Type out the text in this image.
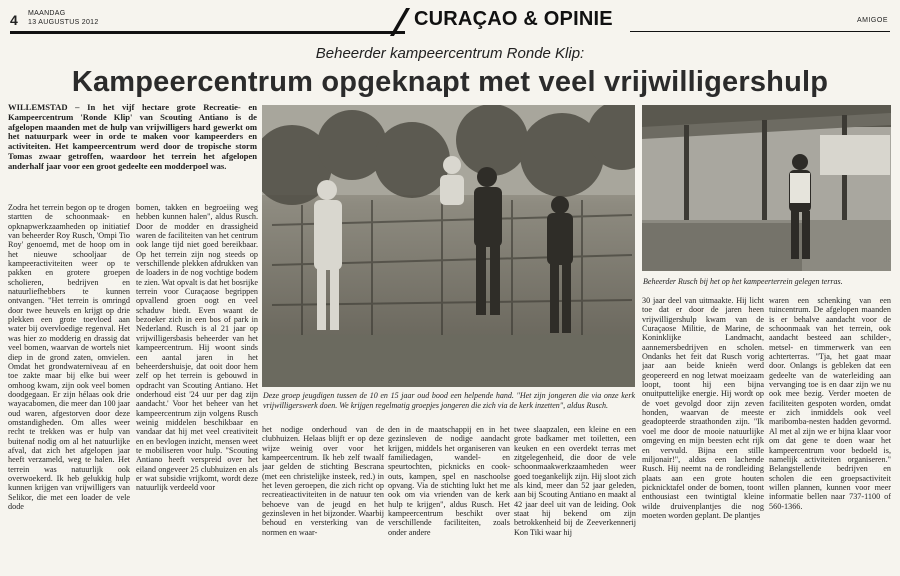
4 MAANDAG
13 AUGUSTUS 2012	CURAÇAO & OPINIE	AMIGOE
Beheerder kampeercentrum Ronde Klip:
Kampeercentrum opgeknapt met veel vrijwilligershulp
WILLEMSTAD – In het vijf hectare grote Recreatie- en Kampeercentrum 'Ronde Klip' van Scouting Antiano is de afgelopen maanden met de hulp van vrijwilligers hard gewerkt om het natuurpark weer in orde te maken voor kampeerders en activiteiten. Het kampeercentrum werd door de tropische storm Tomas zwaar getroffen, waardoor het terrein het afgelopen anderhalf jaar voor een groot gedeelte een modderpoel was.
Zodra het terrein begon op te drogen startten de schoonmaak- en opknapwerkzaamheden op initiatief van beheerder Roy Rusch, 'Ompi Tio Roy' genoemd, met de hoop om in het nieuwe schooljaar de kampeeractiviteiten weer op te pakken en grotere groepen scholieren, bedrijven en natuurliefhebbers te kunnen ontvangen. "Het terrein is omringd door twee heuvels en krijgt op drie plekken een grote toevloed aan water bij overvloedige regenval. Het was hier zo modderig en drassig dat veel bomen, waarvan de wortels niet diep in de grond zaten, omvielen. Omdat het grondwaterniveau af en toe zakte maar bij elke bui weer omhoog kwam, zijn ook veel bomen doodgegaan. Er zijn hélaas ook drie wayacabomen, die meer dan 100 jaar oud waren, afgestorven door deze omstandigheden. Om alles weer recht te trekken was er hulp van buitenaf nodig om al het natuurlijke afval, dat zich het afgelopen jaar heeft verzameld, weg te halen. Het terrein was natuurlijk ook overwoekerd. Ik heb gelukkig hulp kunnen krijgen van vrijwilligers van Selikor, die met een loader de vele dode
bomen, takken en begroeiing weg hebben kunnen halen", aldus Rusch. Door de modder en drassigheid waren de faciliteiten van het centrum ook lange tijd niet goed bereikbaar. Op het terrein zijn nog steeds op verschillende plekken afdrukken van de loaders in de nog vochtige bodem te zien. Wat opvalt is dat het bosrijke terrein voor Curaçaose begrippen opvallend groen oogt en veel schaduw biedt. Even waant de bezoeker zich in een bos of park in Nederland. Rusch is al 21 jaar op vrijwilligersbasis beheerder van het kampeercentrum. Hij woont sinds een aantal jaren in het beheerdershuisje, dat ooit door hem zelf op het terrein is gebouwd in opdracht van Scouting Antiano. Het onderhoud eist '24 uur per dag zijn aandacht.' Voor het beheer van het kampeercentrum zijn volgens Rusch weinig middelen beschikbaar en vandaar dat hij met veel creativiteit en en bevlogen inzicht, mensen weet te mobiliseren voor hulp. "Scouting Antiano heeft verspreid over het eiland ongeveer 25 clubhuizen en als er wat subsidie vrijkomt, wordt deze natuurlijk verdeeld voor
Deze groep jeugdigen tussen de 10 en 15 jaar oud bood een helpende hand. "Het zijn jongeren die via onze kerk vrijwilligerswerk doen. We krijgen regelmatig groepjes jongeren die zich via de kerk inzetten", aldus Rusch.
het nodige onderhoud van de clubhuizen. Helaas blijft er op deze wijze weinig over voor het kampeercentrum. Ik heb zelf twaalf jaar gelden de stichting Bescrana (met een christelijke insteek, red.) in het leven geroepen, die zich richt op recreatieactiviteiten in de natuur ten behoeve van de jeugd en het gezinsleven in het bijzonder. Waarbij behoud en versterking van de normen en waar-
den in de maatschappij en in het gezinsleven de nodige aandacht krijgen, middels het organiseren van familiedagen, wandel- en speurtochten, picknicks en cook-outs, kampen, spel en naschoolse opvang. Via de stichting lukt het me ook om via vrienden van de kerk hulp te krijgen", aldus Rusch. Het kampeercentrum beschikt over verschillende faciliteiten, zoals onder andere
twee slaapzalen, een kleine en een grote badkamer met toiletten, een keuken en een overdekt terras met zitgelegenheid, die door de vele schoonmaakwerkzaamheden weer goed toegankelijk zijn. Hij sloot zich als kind, meer dan 52 jaar geleden, aan bij Scouting Antiano en maakt al 42 jaar deel uit van de leiding. Ook staat hij bekend om zijn betrokkenheid bij de Zeeverkennerij Kon Tiki waar hij
Beheerder Rusch bij het op het kampeerterrein gelegen terras.
30 jaar deel van uitmaakte. Hij licht toe dat er door de jaren heen vrijwilligershulp kwam van de Curaçaose Militie, de Marine, de Koninklijke Landmacht, aannemersbedrijven en scholen. Ondanks het feit dat Rusch vorig jaar aan beide knieën werd geopereerd en nog letwat moeizaam loopt, toont hij een bijna onuitputtelijke energie. Hij wordt op de voet gevolgd door zijn zeven honden, waarvan de meeste geadopteerde straathonden zijn. "Ik voel me door de mooie natuurlijke omgeving en mijn beesten echt rijk en vervuld. Bijna een stille miljonair!", aldus een lachende Rusch. Hij neemt na de rondleiding plaats aan een grote houten picknicktafel onder de bomen, toont enthousiast een twintigtal kleine wilde druivenplantjes die nog moeten worden geplant. De plantjes
waren een schenking van een tuincentrum. De afgelopen maanden is er behalve aandacht voor de schoonmaak van het terrein, ook aandacht besteed aan schilder-, metsel- en timmerwerk van een achterterras. "Tja, het gaat maar door. Onlangs is gebleken dat een gedeelte van de waterleiding aan vervanging toe is en daar zijn we nu ook mee bezig. Verder moeten de faciliteiten gespoten worden, omdat er zich inmiddels ook veel maribomba-nesten hadden gevormd. Al met al zijn we er bijna klaar voor om dat gene te doen waar het kampeercentrum voor bedoeld is, namelijk activiteiten organiseren." Belangstellende bedrijven en scholen die een groepsactiviteit willen plannen, kunnen voor meer informatie bellen naar 737-1100 of 560-1366.
